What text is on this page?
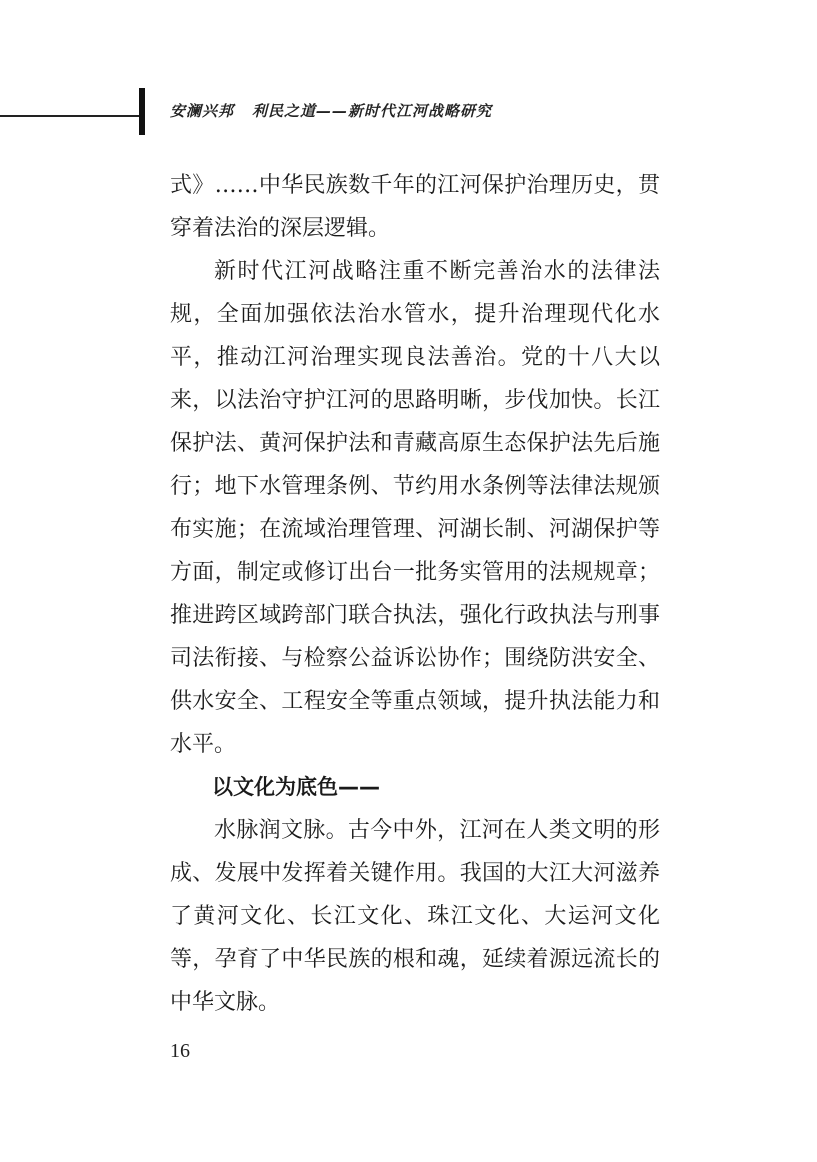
安澜兴邦 利民之道——新时代江河战略研究

式》……中华民族数千年的江河保护治理历史，贯穿着法治的深层逻辑。

新时代江河战略注重不断完善治水的法律法规，全面加强依法治水管水，提升治理现代化水平，推动江河治理实现良法善治。党的十八大以来，以法治守护江河的思路明晰，步伐加快。长江保护法、黄河保护法和青藏高原生态保护法先后施行；地下水管理条例、节约用水条例等法律法规颁布实施；在流域治理管理、河湖长制、河湖保护等方面，制定或修订出台一批务实管用的法规规章；推进跨区域跨部门联合执法，强化行政执法与刑事司法衔接、与检察公益诉讼协作；围绕防洪安全、供水安全、工程安全等重点领域，提升执法能力和水平。

以文化为底色——

水脉润文脉。古今中外，江河在人类文明的形成、发展中发挥着关键作用。我国的大江大河滋养了黄河文化、长江文化、珠江文化、大运河文化等，孕育了中华民族的根和魂，延续着源远流长的中华文脉。

16
